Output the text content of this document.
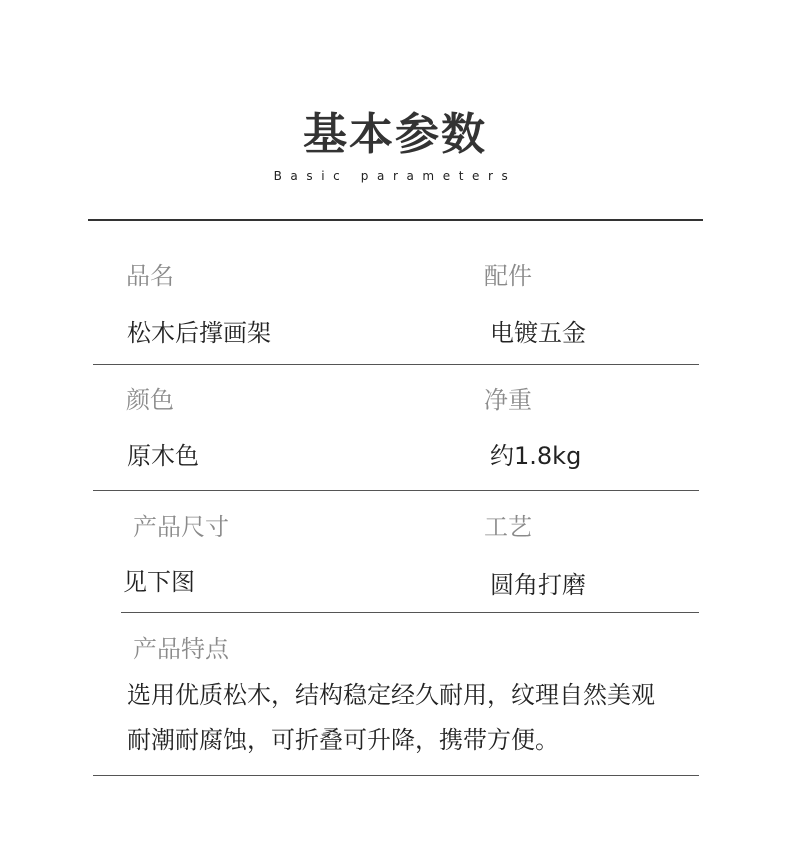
基本参数
Basic parameters
品名	配件
松木后撑画架	电镀五金
颜色	净重
原木色	约1.8kg
产品尺寸	工艺
见下图	圆角打磨
产品特点
选用优质松木，结构稳定经久耐用，纹理自然美观
耐潮耐腐蚀，可折叠可升降，携带方便。
